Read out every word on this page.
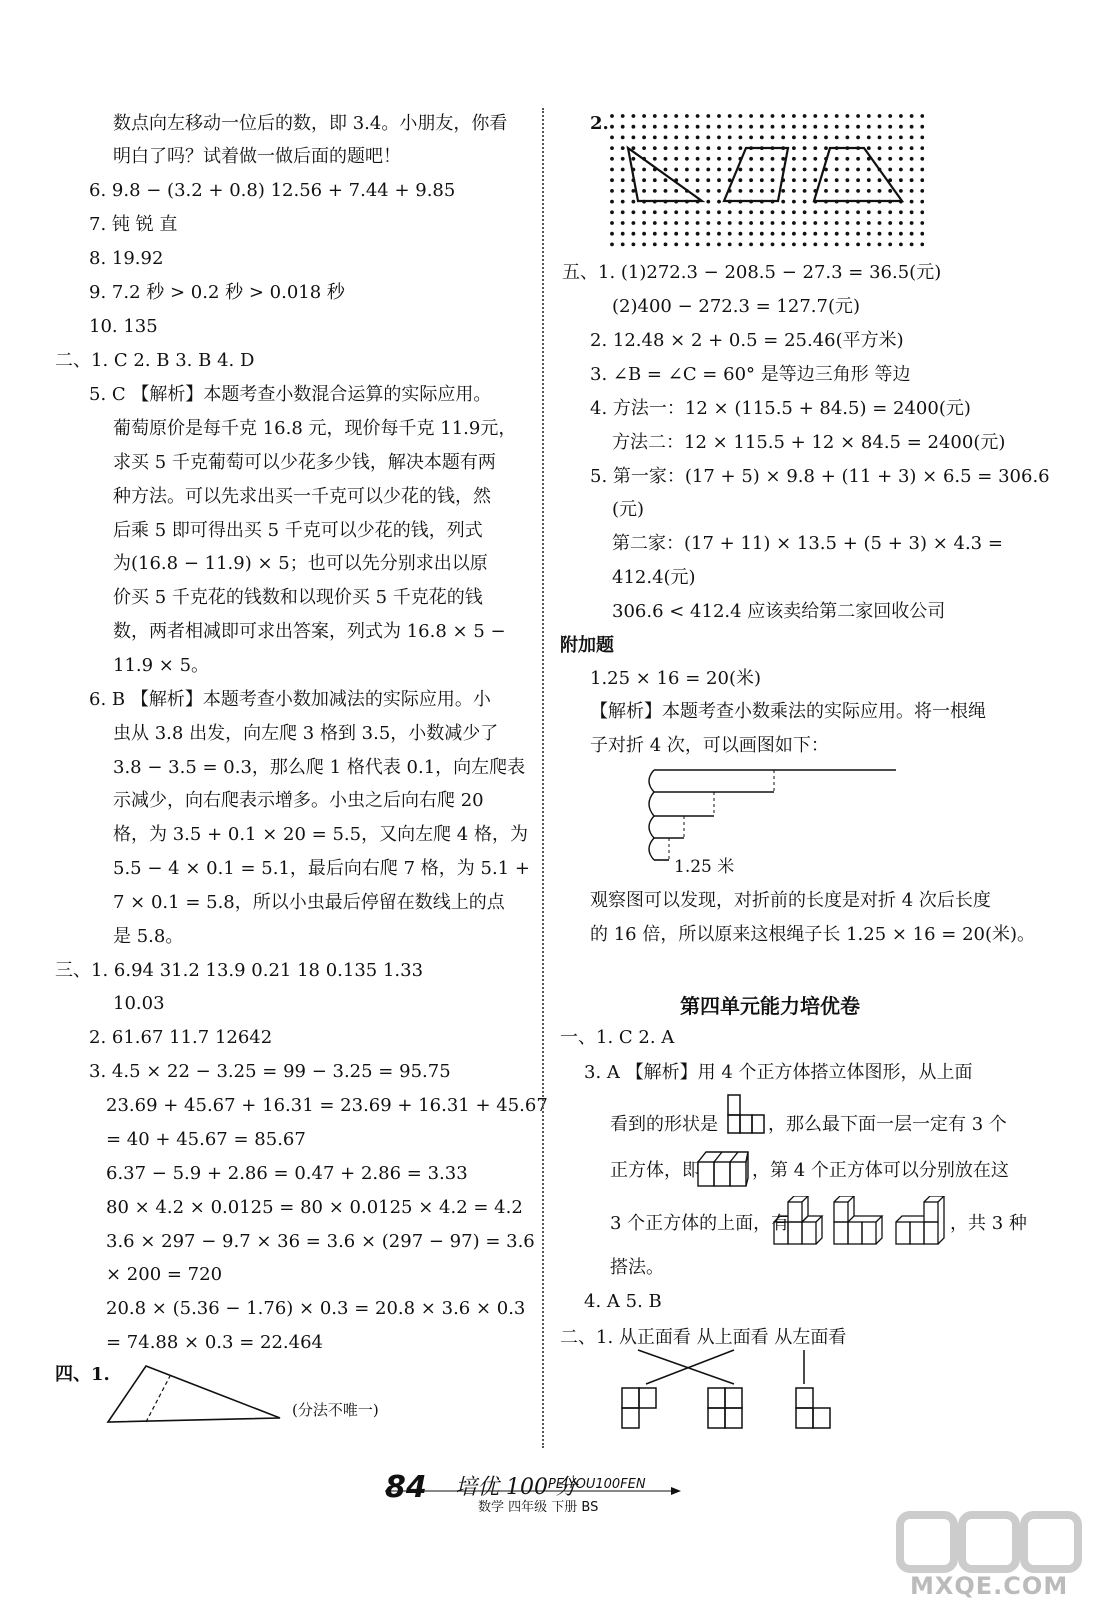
数点向左移动一位后的数，即 3.4。小朋友，你看
明白了吗？试着做一做后面的题吧！
6. 9.8 − (3.2 + 0.8) 12.56 + 7.44 + 9.85
7. 钝 锐 直
8. 19.92
9. 7.2 秒 > 0.2 秒 > 0.018 秒
10. 135
二、1. C 2. B 3. B 4. D
5. C 【解析】本题考查小数混合运算的实际应用。
葡萄原价是每千克 16.8 元，现价每千克 11.9元，
求买 5 千克葡萄可以少花多少钱，解决本题有两
种方法。可以先求出买一千克可以少花的钱，然
后乘 5 即可得出买 5 千克可以少花的钱，列式
为(16.8 − 11.9) × 5；也可以先分别求出以原
价买 5 千克花的钱数和以现价买 5 千克花的钱
数，两者相减即可求出答案，列式为 16.8 × 5 −
11.9 × 5。
6. B 【解析】本题考查小数加减法的实际应用。小
虫从 3.8 出发，向左爬 3 格到 3.5，小数减少了
3.8 − 3.5 = 0.3，那么爬 1 格代表 0.1，向左爬表
示减少，向右爬表示增多。小虫之后向右爬 20
格，为 3.5 + 0.1 × 20 = 5.5，又向左爬 4 格，为
5.5 − 4 × 0.1 = 5.1，最后向右爬 7 格，为 5.1 +
7 × 0.1 = 5.8，所以小虫最后停留在数线上的点
是 5.8。
三、1. 6.94 31.2 13.9 0.21 18 0.135 1.33
10.03
2. 61.67 11.7 12642
3. 4.5 × 22 − 3.25 = 99 − 3.25 = 95.75
23.69 + 45.67 + 16.31 = 23.69 + 16.31 + 45.67
= 40 + 45.67 = 85.67
6.37 − 5.9 + 2.86 = 0.47 + 2.86 = 3.33
80 × 4.2 × 0.0125 = 80 × 0.0125 × 4.2 = 4.2
3.6 × 297 − 9.7 × 36 = 3.6 × (297 − 97) = 3.6
× 200 = 720
20.8 × (5.36 − 1.76) × 0.3 = 20.8 × 3.6 × 0.3
= 74.88 × 0.3 = 22.464
四、1.
(分法不唯一)
2.
五、1. (1)272.3 − 208.5 − 27.3 = 36.5(元)
(2)400 − 272.3 = 127.7(元)
2. 12.48 × 2 + 0.5 = 25.46(平方米)
3. ∠B = ∠C = 60° 是等边三角形 等边
4. 方法一：12 × (115.5 + 84.5) = 2400(元)
方法二：12 × 115.5 + 12 × 84.5 = 2400(元)
5. 第一家：(17 + 5) × 9.8 + (11 + 3) × 6.5 = 306.6
(元)
第二家：(17 + 11) × 13.5 + (5 + 3) × 4.3 =
412.4(元)
306.6 < 412.4 应该卖给第二家回收公司
附加题
1.25 × 16 = 20(米)
【解析】本题考查小数乘法的实际应用。将一根绳
子对折 4 次，可以画图如下：
观察图可以发现，对折前的长度是对折 4 次后长度
的 16 倍，所以原来这根绳子长 1.25 × 16 = 20(米)。
一、1. C 2. A
3. A 【解析】用 4 个正方体搭立体图形，从上面
看到的形状是	，那么最下面一层一定有 3 个
正方体，即	，第 4 个正方体可以分别放在这
3 个正方体的上面，有	，共 3 种
搭法。
4. A 5. B
二、1. 从正面看 从上面看 从左面看
1.25 米
第四单元能力培优卷
84 培优 100 分
PEIYOU100FEN
数学 四年级 下册 BS
MXQE.COM
